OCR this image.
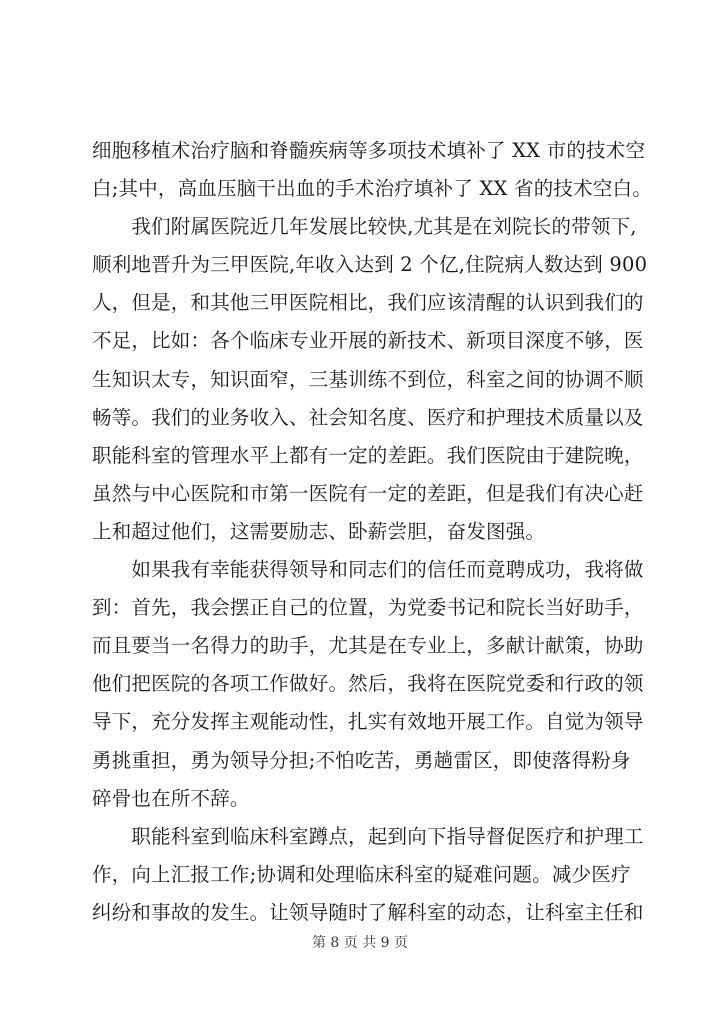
细胞移植术治疗脑和脊髓疾病等多项技术填补了 XX 市的技术空
白;其中，高血压脑干出血的手术治疗填补了 XX 省的技术空白。
　　我们附属医院近几年发展比较快,尤其是在刘院长的带领下,
顺利地晋升为三甲医院,年收入达到 2 个亿,住院病人数达到 900
人，但是，和其他三甲医院相比，我们应该清醒的认识到我们的
不足，比如：各个临床专业开展的新技术、新项目深度不够，医
生知识太专，知识面窄，三基训练不到位，科室之间的协调不顺
畅等。我们的业务收入、社会知名度、医疗和护理技术质量以及
职能科室的管理水平上都有一定的差距。我们医院由于建院晚，
虽然与中心医院和市第一医院有一定的差距，但是我们有决心赶
上和超过他们，这需要励志、卧薪尝胆，奋发图强。
　　如果我有幸能获得领导和同志们的信任而竟聘成功，我将做
到：首先，我会摆正自己的位置，为党委书记和院长当好助手，
而且要当一名得力的助手，尤其是在专业上，多献计献策，协助
他们把医院的各项工作做好。然后，我将在医院党委和行政的领
导下，充分发挥主观能动性，扎实有效地开展工作。自觉为领导
勇挑重担，勇为领导分担;不怕吃苦，勇趟雷区，即使落得粉身
碎骨也在所不辞。
　　职能科室到临床科室蹲点，起到向下指导督促医疗和护理工
作，向上汇报工作;协调和处理临床科室的疑难问题。减少医疗
纠纷和事故的发生。让领导随时了解科室的动态，让科室主任和
第 8 页 共 9 页
